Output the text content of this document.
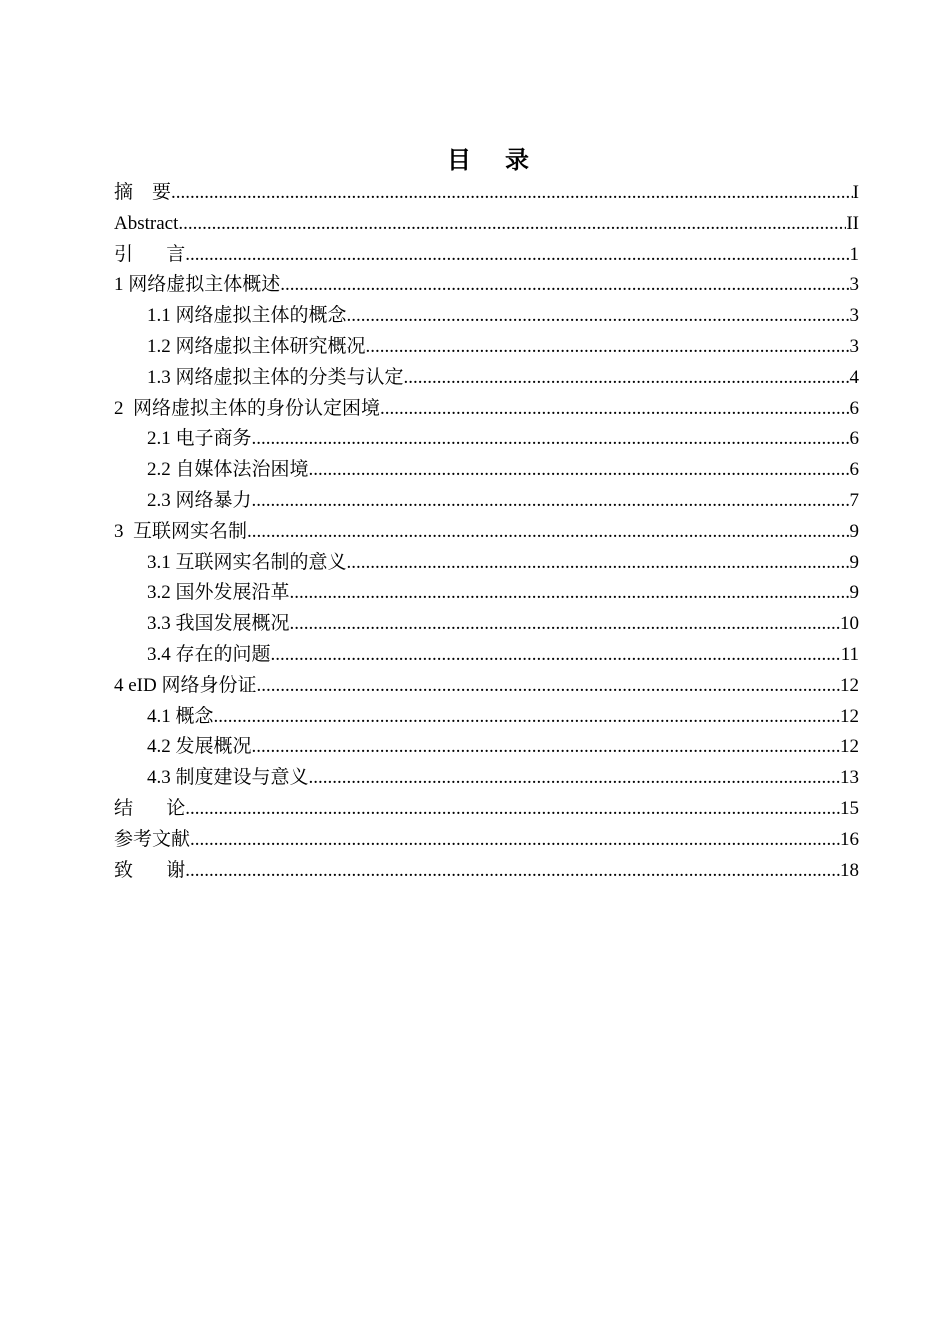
目    录
摘    要 .....	I
Abstract .....	II
引       言 .....	1
1 网络虚拟主体概述 .....	3
1.1 网络虚拟主体的概念 .....	3
1.2 网络虚拟主体研究概况 .....	3
1.3 网络虚拟主体的分类与认定 .....	4
2  网络虚拟主体的身份认定困境 .....	6
2.1 电子商务 .....	6
2.2 自媒体法治困境 .....	6
2.3 网络暴力 .....	7
3  互联网实名制 .....	9
3.1 互联网实名制的意义 .....	9
3.2 国外发展沿革 .....	9
3.3 我国发展概况 .....	10
3.4 存在的问题 .....	11
4 eID 网络身份证 .....	12
4.1 概念 .....	12
4.2 发展概况 .....	12
4.3 制度建设与意义 .....	13
结       论 .....	15
参考文献 .....	16
致       谢 .....	18
